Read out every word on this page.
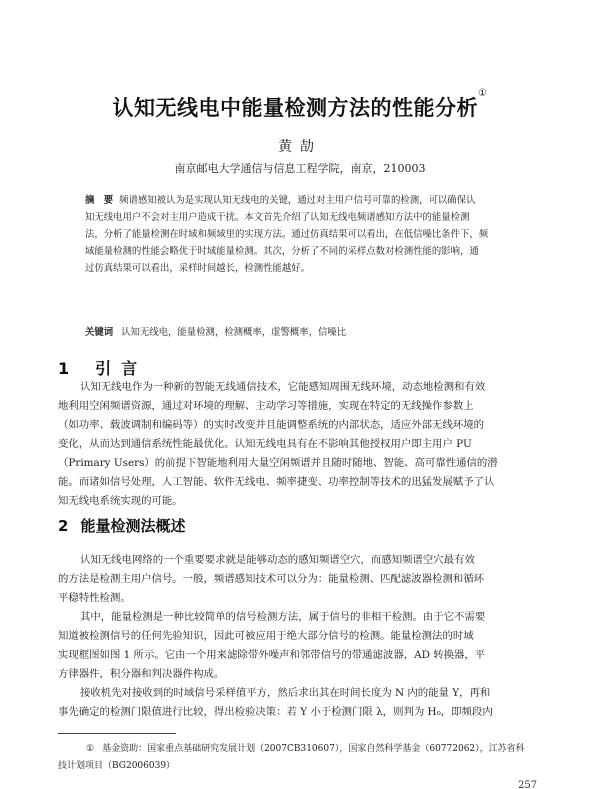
认知无线电中能量检测方法的性能分析①
黄劼
南京邮电大学通信与信息工程学院，南京，210003
摘　要 频谱感知被认为是实现认知无线电的关键，通过对主用户信号可靠的检测，可以确保认
知无线电用户不会对主用户造成干扰。本文首先介绍了认知无线电频谱感知方法中的能量检测
法，分析了能量检测在时域和频域里的实现方法。通过仿真结果可以看出，在低信噪比条件下，频
域能量检测的性能会略优于时域能量检测。其次，分析了不同的采样点数对检测性能的影响，通
过仿真结果可以看出，采样时间越长，检测性能越好。
关键词 认知无线电，能量检测，检测概率，虚警概率，信噪比
1 引言
认知无线电作为一种新的智能无线通信技术，它能感知周围无线环境，动态地检测和有效
地利用空闲频谱资源，通过对环境的理解、主动学习等措施，实现在特定的无线操作参数上
（如功率、载波调制和编码等）的实时改变并且能调整系统的内部状态，适应外部无线环境的
变化，从而达到通信系统性能最优化。认知无线电具有在不影响其他授权用户即主用户 PU
（Primary Users）的前提下智能地利用大量空闲频谱并且随时随地、智能、高可靠性通信的潜
能。而诸如信号处理，人工智能、软件无线电、频率捷变、功率控制等技术的迅猛发展赋予了认
知无线电系统实现的可能。
2 能量检测法概述
认知无线电网络的一个重要要求就是能够动态的感知频谱空穴，而感知频谱空穴最有效
的方法是检测主用户信号。一般，频谱感知技术可以分为：能量检测、匹配滤波器检测和循环
平稳特性检测。
其中，能量检测是一种比较简单的信号检测方法，属于信号的非相干检测。由于它不需要
知道被检测信号的任何先验知识，因此可被应用于绝大部分信号的检测。能量检测法的时域
实现框图如图 1 所示。它由一个用来滤除带外噪声和邻带信号的带通滤波器，AD 转换器，平
方律器件，积分器和判决器件构成。
接收机先对接收到的时域信号采样值平方，然后求出其在时间长度为 N 内的能量 Y，再和
事先确定的检测门限值进行比较，得出检验决策：若 Y 小于检测门限 λ，则判为 H₀，即频段内
① 基金资助：国家重点基础研究发展计划（2007CB310607），国家自然科学基金（60772062），江苏省科
技计划项目（BG2006039）
257
